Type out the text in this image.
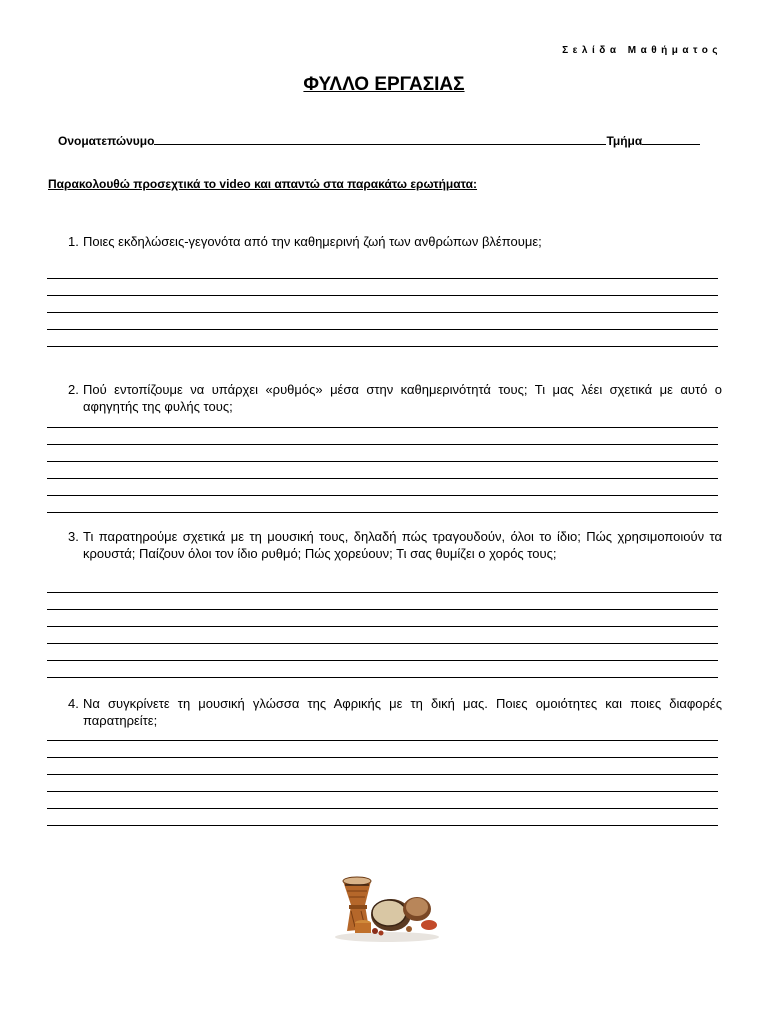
Σελίδα Μαθήματος
ΦΥΛΛΟ ΕΡΓΑΣΙΑΣ
Ονοματεπώνυμο	Τμήμα
Παρακολουθώ προσεχτικά το video και απαντώ στα παρακάτω ερωτήματα:
1. Ποιες εκδηλώσεις-γεγονότα από την καθημερινή ζωή των ανθρώπων βλέπουμε;
2. Πού εντοπίζουμε να υπάρχει «ρυθμός» μέσα στην καθημερινότητά τους; Τι μας λέει σχετικά με αυτό ο αφηγητής της φυλής τους;
3. Τι παρατηρούμε σχετικά με τη μουσική τους, δηλαδή πώς τραγουδούν, όλοι το ίδιο; Πώς χρησιμοποιούν τα κρουστά; Παίζουν όλοι τον ίδιο ρυθμό; Πώς χορεύουν; Τι σας θυμίζει ο χορός τους;
4. Να συγκρίνετε τη μουσική γλώσσα της Αφρικής με τη δική μας. Ποιες ομοιότητες και ποιες διαφορές παρατηρείτε;
